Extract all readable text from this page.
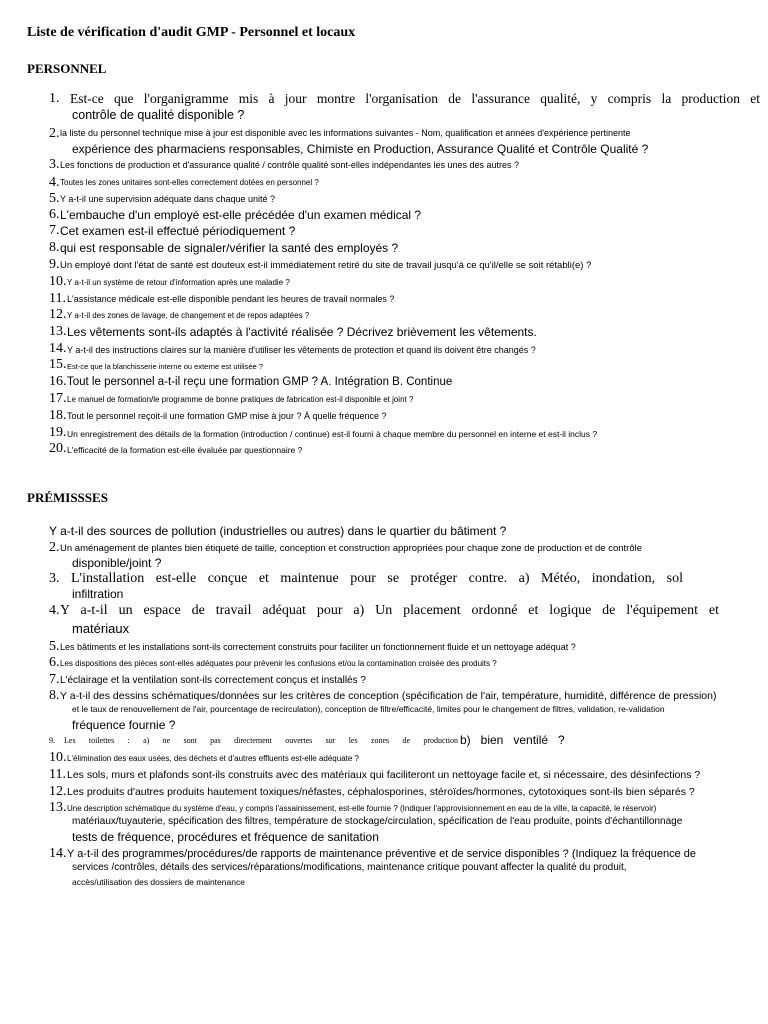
Liste de vérification d'audit GMP - Personnel et locaux
PERSONNEL
1. Est-ce que l'organigramme mis à jour montre l'organisation de l'assurance qualité, y compris la production et
contrôle de qualité disponible ?
2. la liste du personnel technique mise à jour est disponible avec les informations suivantes - Nom, qualification et années d'expérience pertinente
expérience des pharmaciens responsables, Chimiste en Production, Assurance Qualité et Contrôle Qualité ?
3. Les fonctions de production et d'assurance qualité / contrôle qualité sont-elles indépendantes les unes des autres ?
4. Toutes les zones unitaires sont-elles correctement dotées en personnel ?
5. Y a-t-il une supervision adéquate dans chaque unité ?
6. L'embauche d'un employé est-elle précédée d'un examen médical ?
7. Cet examen est-il effectué périodiquement ?
8. qui est responsable de signaler/vérifier la santé des employés ?
9. Un employé dont l'état de santé est douteux est-il immédiatement retiré du site de travail jusqu'à ce qu'il/elle se soit rétabli(e) ?
10. Y a-t-il un système de retour d'information après une maladie ?
11. L'assistance médicale est-elle disponible pendant les heures de travail normales ?
12. Y a-t-il des zones de lavage, de changement et de repos adaptées ?
13. Les vêtements sont-ils adaptés à l'activité réalisée ? Décrivez brièvement les vêtements.
14. Y a-t-il des instructions claires sur la manière d'utiliser les vêtements de protection et quand ils doivent être changés ?
15. Est-ce que la blanchisserie interne ou externe est utilisée ?
16. Tout le personnel a-t-il reçu une formation GMP ? A. Intégration B. Continue
17. Le manuel de formation/le programme de bonne pratiques de fabrication est-il disponible et joint ?
18. Tout le personnel reçoit-il une formation GMP mise à jour ? À quelle fréquence ?
19. Un enregistrement des détails de la formation (introduction / continue) est-il fourni à chaque membre du personnel en interne et est-il inclus ?
20. L'efficacité de la formation est-elle évaluée par questionnaire ?
PRÉMISSSES
Y a-t-il des sources de pollution (industrielles ou autres) dans le quartier du bâtiment ?
2. Un aménagement de plantes bien étiqueté de taille, conception et construction appropriées pour chaque zone de production et de contrôle
disponible/joint ?
3. L'installation est-elle conçue et maintenue pour se protéger contre. a) Météo, inondation, sol
infiltration
4. Y a-t-il un espace de travail adéquat pour a) Un placement ordonné et logique de l'équipement et
matériaux
5. Les bâtiments et les installations sont-ils correctement construits pour faciliter un fonctionnement fluide et un nettoyage adéquat ?
6. Les dispositions des pièces sont-elles adéquates pour prévenir les confusions et/ou la contamination croisée des produits ?
7. L'éclairage et la ventilation sont-ils correctement conçus et installés ?
8. Y a-t-il des dessins schématiques/données sur les critères de conception (spécification de l'air, température, humidité, différence de pression)
et le taux de renouvellement de l'air, pourcentage de recirculation), conception de filtre/efficacité, limites pour le changement de filtres, validation, re-validation
fréquence fournie ?
9. Les toilettes : a) ne sont pas directement ouvertes sur les zones de production b)   bien   ventilé   ?
10. L'élimination des eaux usées, des déchets et d'autres effluents est-elle adéquate ?
11. Les sols, murs et plafonds sont-ils construits avec des matériaux qui faciliteront un nettoyage facile et, si nécessaire, des désinfections ?
12. Les produits d'autres produits hautement toxiques/néfastes, céphalosporines, stéroïdes/hormones, cytotoxiques sont-ils bien séparés ?
13. Une description schématique du système d'eau, y compris l'assainissement, est-elle fournie ? (Indiquer l'approvisionnement en eau de la ville, la capacité, le réservoir)
matériaux/tuyauterie, spécification des filtres, température de stockage/circulation, spécification de l'eau produite, points d'échantillonnage
tests de fréquence, procédures et fréquence de sanitation
14. Y a-t-il des programmes/procédures/de rapports de maintenance préventive et de service disponibles ? (Indiquez la fréquence de
services /contrôles, détails des services/réparations/modifications, maintenance critique pouvant affecter la qualité du produit,
accès/utilisation des dossiers de maintenance
